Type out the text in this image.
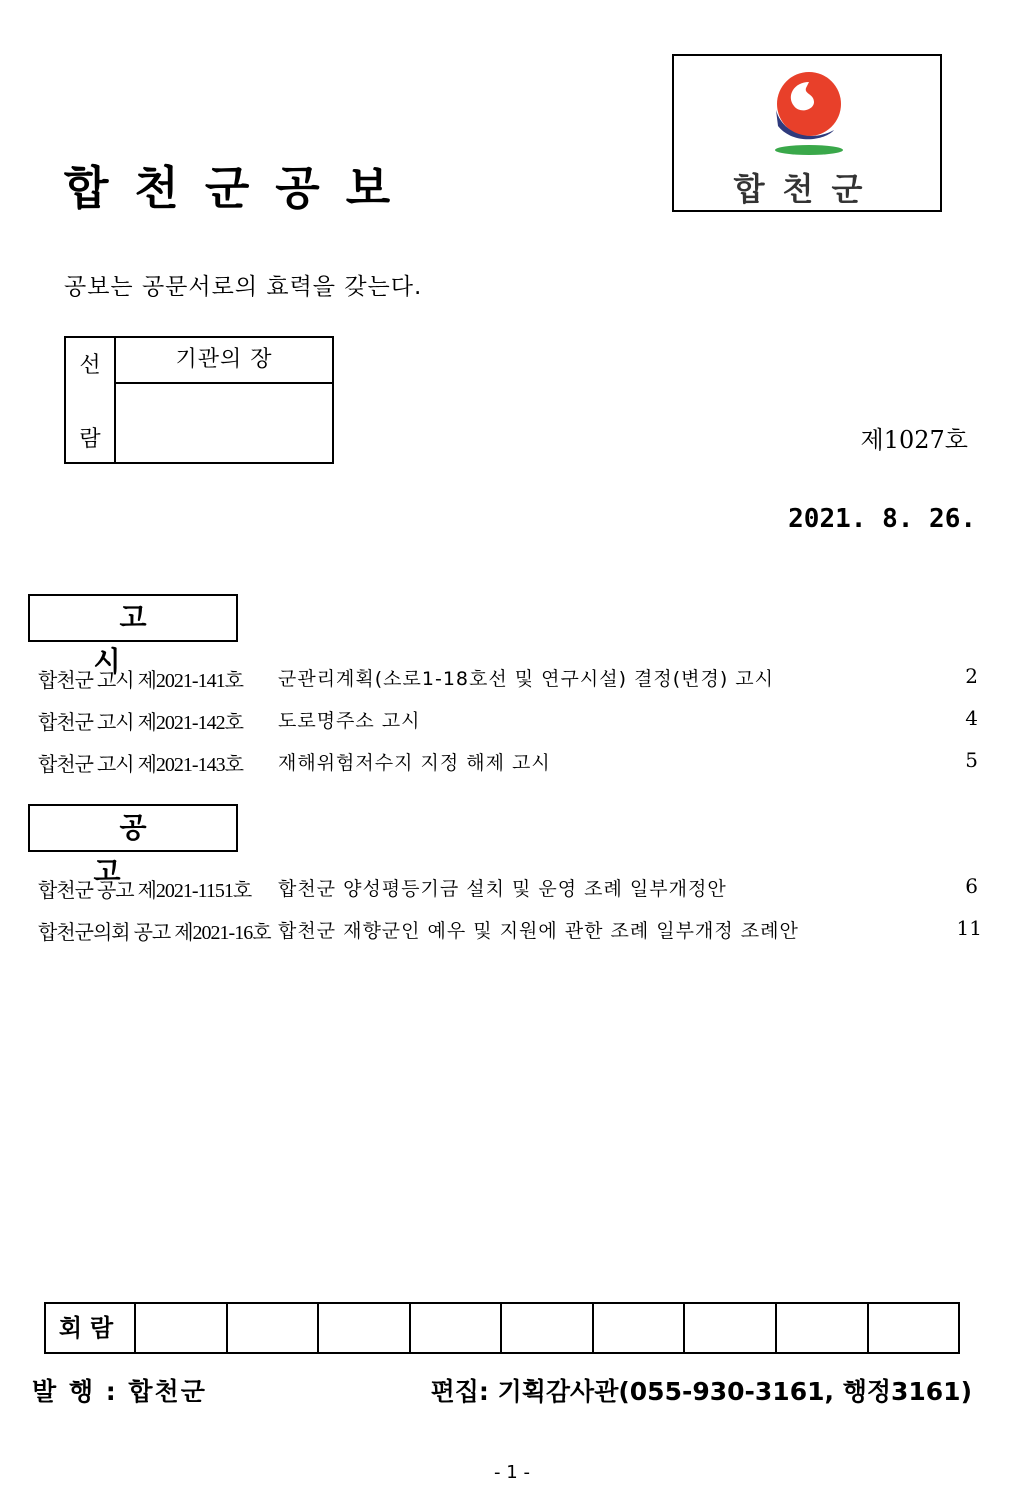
합천군공보	합천군
공보는 공문서로의 효력을 갖는다.
선
람
기관의 장
제1027호
2021. 8. 26.
고시
합천군 고시 제2021-141호 군관리계획(소로1-18호선 및 연구시설) 결정(변경) 고시	2
합천군 고시 제2021-142호 도로명주소 고시	4
합천군 고시 제2021-143호 재해위험저수지 지정 해제 고시	5
공고
합천군 공고 제2021-1151호 합천군 양성평등기금 설치 및 운영 조례 일부개정안	6
합천군의회 공고 제2021-16호 합천군 재향군인 예우 및 지원에 관한 조례 일부개정 조례안	11
회람
발 행 : 합천군	편집: 기획감사관(055-930-3161, 행정3161)
- 1 -
